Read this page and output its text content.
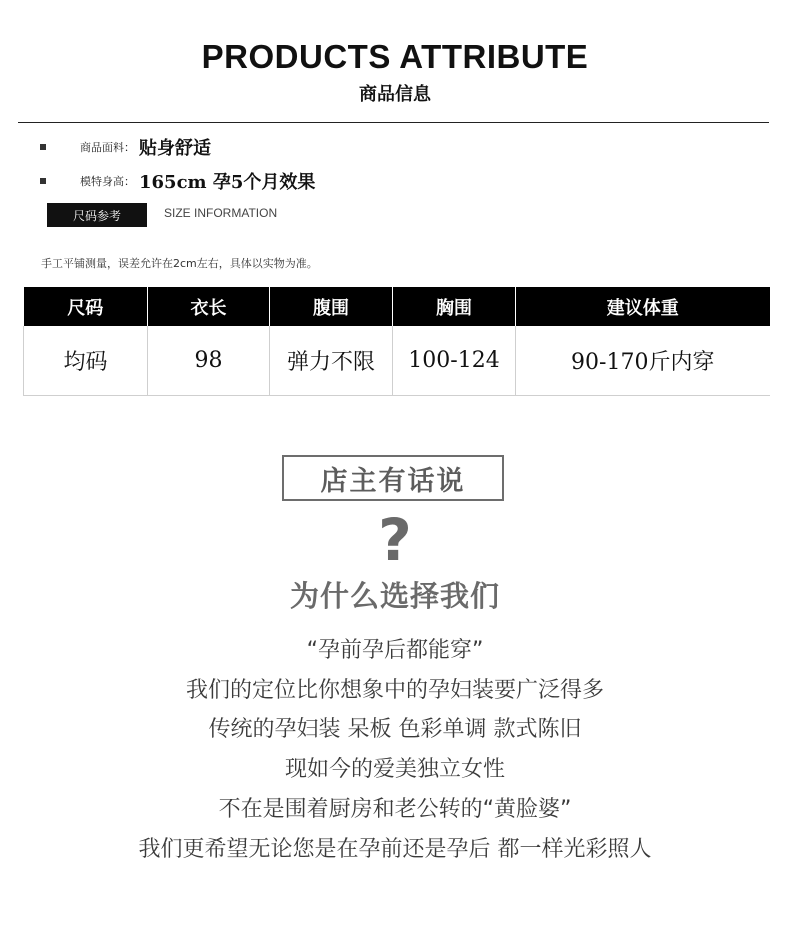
PRODUCTS ATTRIBUTE
商品信息
商品面料： 贴身舒适
模特身高： 165cm 孕5个月效果
尺码参考	SIZE INFORMATION
手工平铺测量，误差允许在2cm左右，具体以实物为准。
尺码	衣长	腹围	胸围	建议体重
均码	98	弹力不限	100-124	90-170斤内穿
店主有话说
?
为什么选择我们
“孕前孕后都能穿”
我们的定位比你想象中的孕妇装要广泛得多
传统的孕妇装 呆板 色彩单调 款式陈旧
现如今的爱美独立女性
不在是围着厨房和老公转的“黄脸婆”
我们更希望无论您是在孕前还是孕后 都一样光彩照人
